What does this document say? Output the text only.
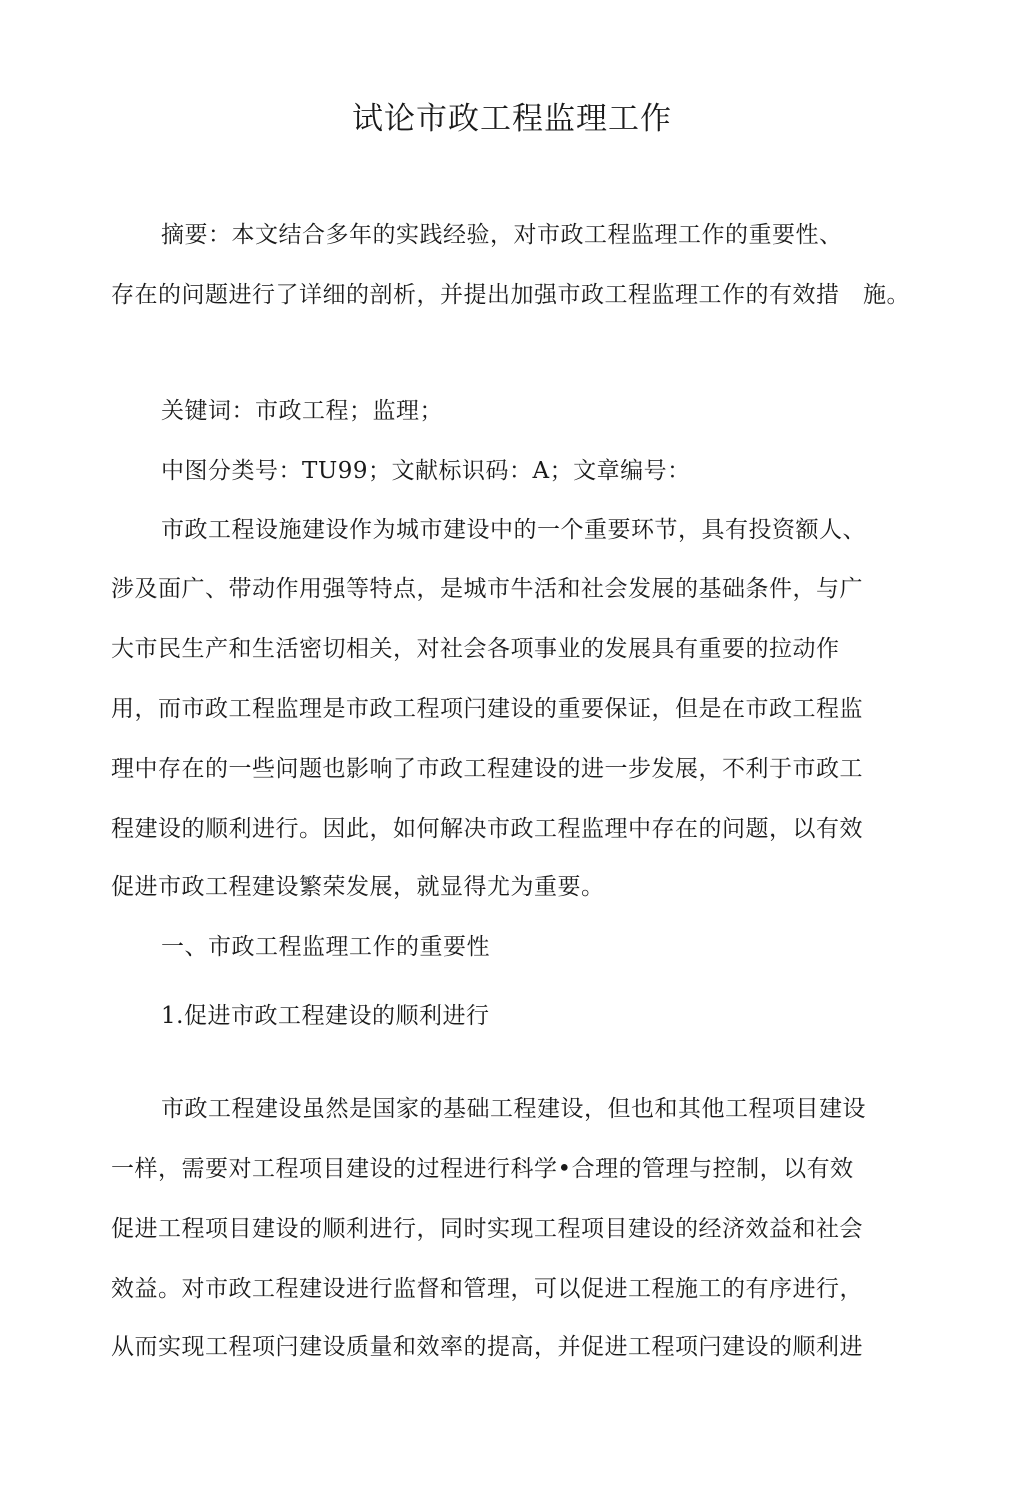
试论市政工程监理工作
摘要：本文结合多年的实践经验，对市政工程监理工作的重要性、
存在的问题进行了详细的剖析，并提出加强市政工程监理工作的有效措　施。
关键词：市政工程；监理；
中图分类号：TU99；文献标识码：A；文章编号：
市政工程设施建设作为城市建设中的一个重要环节，具有投资额人、
涉及面广、带动作用强等特点，是城市牛活和社会发展的基础条件，与广
大市民生产和生活密切相关，对社会各项事业的发展具有重要的拉动作
用，而市政工程监理是市政工程项闩建设的重要保证，但是在市政工程监
理中存在的一些问题也影响了市政工程建设的进一步发展，不利于市政工
程建设的顺利进行。因此，如何解决市政工程监理中存在的问题，以有效
促进市政工程建设繁荣发展，就显得尤为重要。
一、市政工程监理工作的重要性
1.促进市政工程建设的顺利进行
市政工程建设虽然是国家的基础工程建设，但也和其他工程项目建设
一样，需要对工程项目建设的过程进行科学•合理的管理与控制，以有效
促进工程项目建设的顺利进行，同时实现工程项目建设的经济效益和社会
效益。对市政工程建设进行监督和管理，可以促进工程施工的有序进行，
从而实现工程项闩建设质量和效率的提高，并促进工程项闩建设的顺利进
